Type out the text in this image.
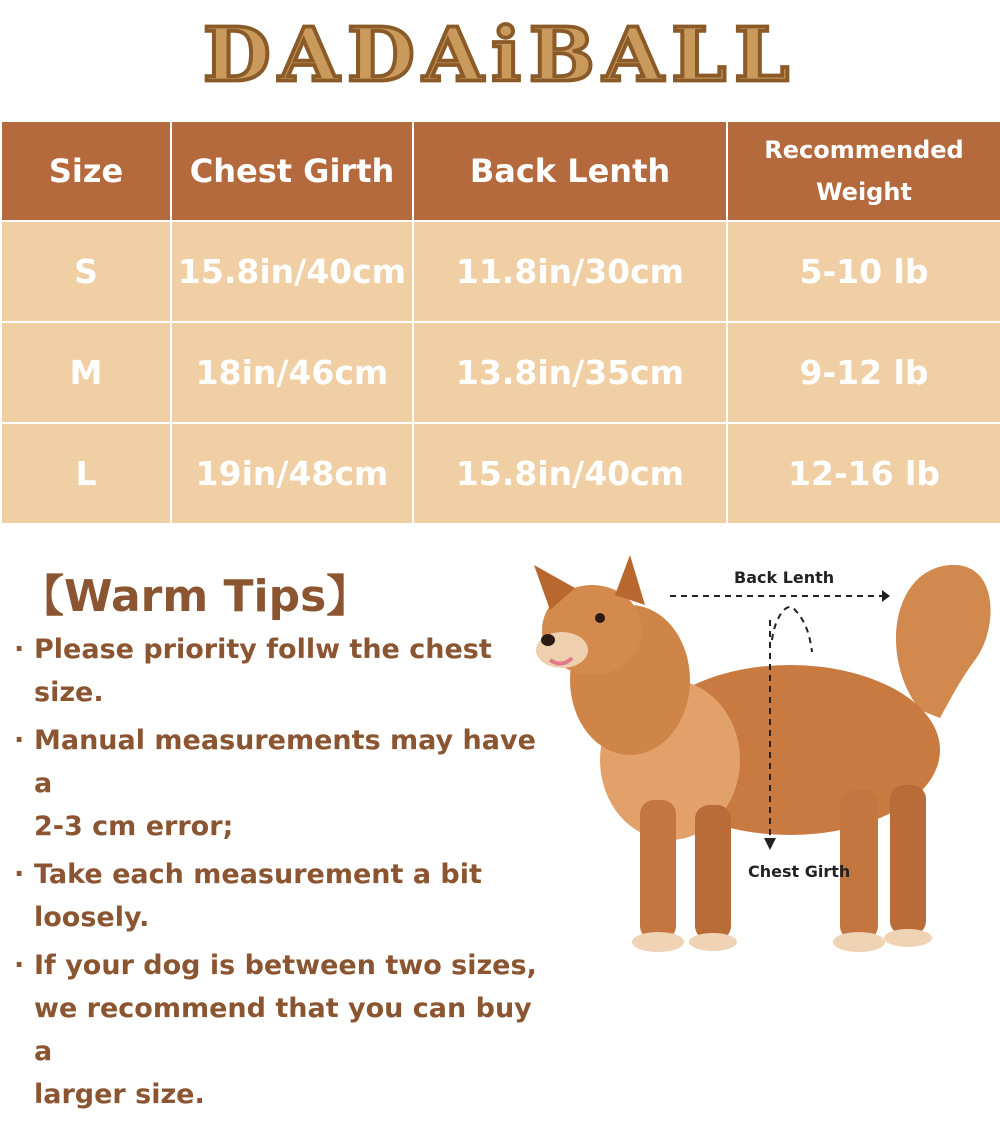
DADAiBALL
Size	Chest Girth	Back Lenth	Recommended Weight
S	15.8in/40cm	11.8in/30cm	5-10 lb
M	18in/46cm	13.8in/35cm	9-12 lb
L	19in/48cm	15.8in/40cm	12-16 lb
【Warm Tips】
· Please priority follw the chest size.
· Manual measurements may have a
2-3 cm error;
· Take each measurement a bit loosely.
· If your dog is between two sizes,
we recommend that you can buy a
larger size.
Back Lenth
Chest Girth
